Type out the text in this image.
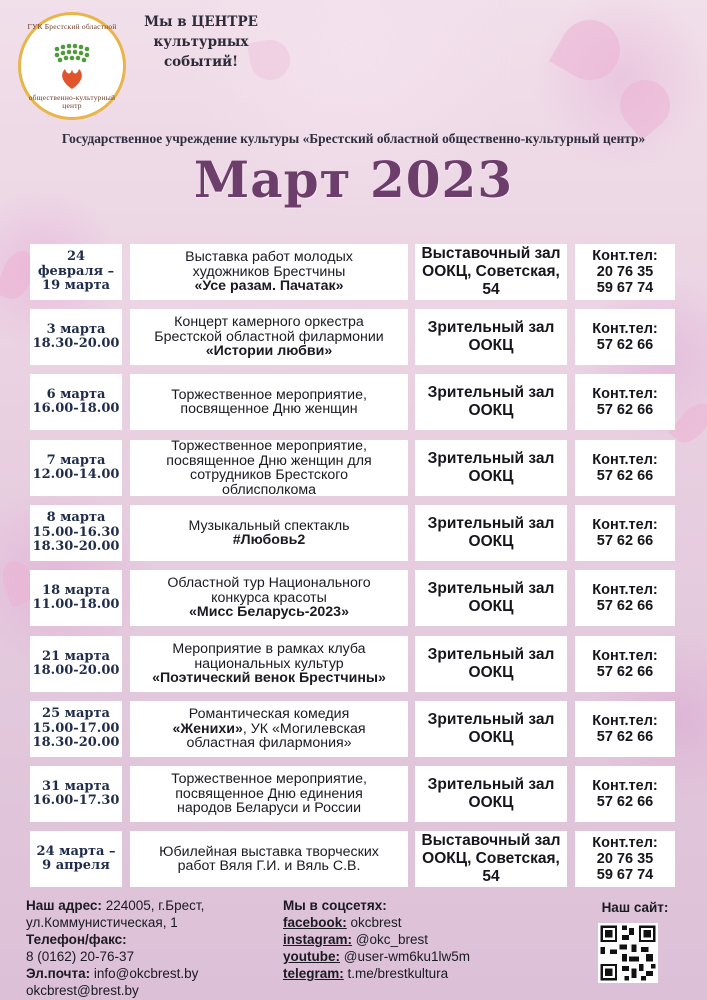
ГУК Брестский областной
общественно-культурный центр
Мы в ЦЕНТРЕ
культурных
событий!
Государственное учреждение культуры «Брестский областной общественно-культурный центр»
Март 2023
24
февраля –
19 марта
Выставка работ молодых
художников Брестчины
«Усе разам. Пачатак»
Выставочный зал
ООКЦ, Советская,
54
Конт.тел:
20 76 35
59 67 74
3 марта
18.30-20.00
Концерт камерного оркестра
Брестской областной филармонии
«Истории любви»
Зрительный зал
ООКЦ
Конт.тел:
57 62 66
6 марта
16.00-18.00
Торжественное мероприятие,
посвященное Дню женщин
Зрительный зал
ООКЦ
Конт.тел:
57 62 66
7 марта
12.00-14.00
Торжественное мероприятие,
посвященное Дню женщин для
сотрудников Брестского
облисполкома
Зрительный зал
ООКЦ
Конт.тел:
57 62 66
8 марта
15.00-16.30
18.30-20.00
Музыкальный спектакль
#Любовь2
Зрительный зал
ООКЦ
Конт.тел:
57 62 66
18 марта
11.00-18.00
Областной тур Национального
конкурса красоты
«Мисс Беларусь-2023»
Зрительный зал
ООКЦ
Конт.тел:
57 62 66
21 марта
18.00-20.00
Мероприятие в рамках клуба
национальных культур
«Поэтический венок Брестчины»
Зрительный зал
ООКЦ
Конт.тел:
57 62 66
25 марта
15.00-17.00
18.30-20.00
Романтическая комедия
«Женихи», УК «Могилевская
областная филармония»
Зрительный зал
ООКЦ
Конт.тел:
57 62 66
31 марта
16.00-17.30
Торжественное мероприятие,
посвященное Дню единения
народов Беларуси и России
Зрительный зал
ООКЦ
Конт.тел:
57 62 66
24 марта –
9 апреля
Юбилейная выставка творческих
работ Вяля Г.И. и Вяль С.В.
Выставочный зал
ООКЦ, Советская,
54
Конт.тел:
20 76 35
59 67 74
Наш адрес: 224005, г.Брест,
ул.Коммунистическая, 1
Телефон/факс:
8 (0162) 20-76-37
Эл.почта: info@okcbrest.by
okcbrest@brest.by
Мы в соцсетях:
facebook: okcbrest
instagram: @okc_brest
youtube: @user-wm6ku1lw5m
telegram: t.me/brestkultura
Наш сайт:
